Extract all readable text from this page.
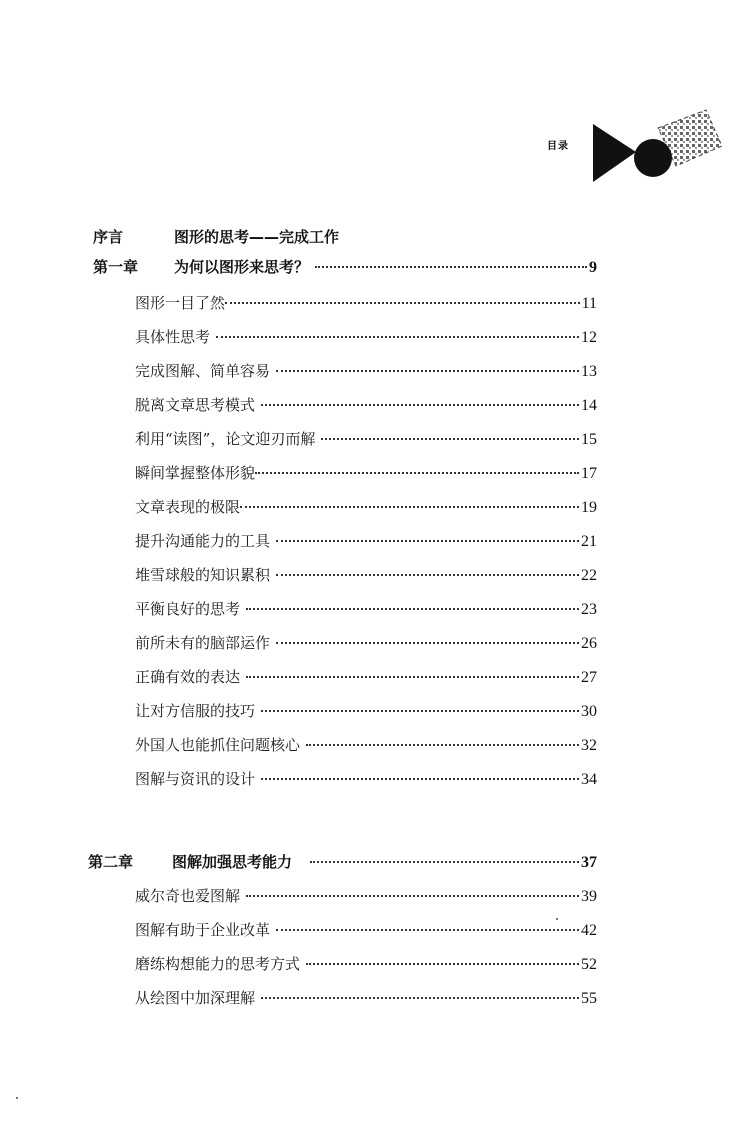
目录
序言	图形的思考——完成工作
第一章	为何以图形来思考？	9
图形一目了然	11
具体性思考	12
完成图解、简单容易	13
脱离文章思考模式	14
利用“读图”，论文迎刃而解	15
瞬间掌握整体形貌	17
文章表现的极限	19
提升沟通能力的工具	21
堆雪球般的知识累积	22
平衡良好的思考	23
前所未有的脑部运作	26
正确有效的表达	27
让对方信服的技巧	30
外国人也能抓住问题核心	32
图解与资讯的设计	34
第二章	图解加强思考能力	37
威尔奇也爱图解	39
图解有助于企业改革	42
磨练构想能力的思考方式	52
从绘图中加深理解	55
